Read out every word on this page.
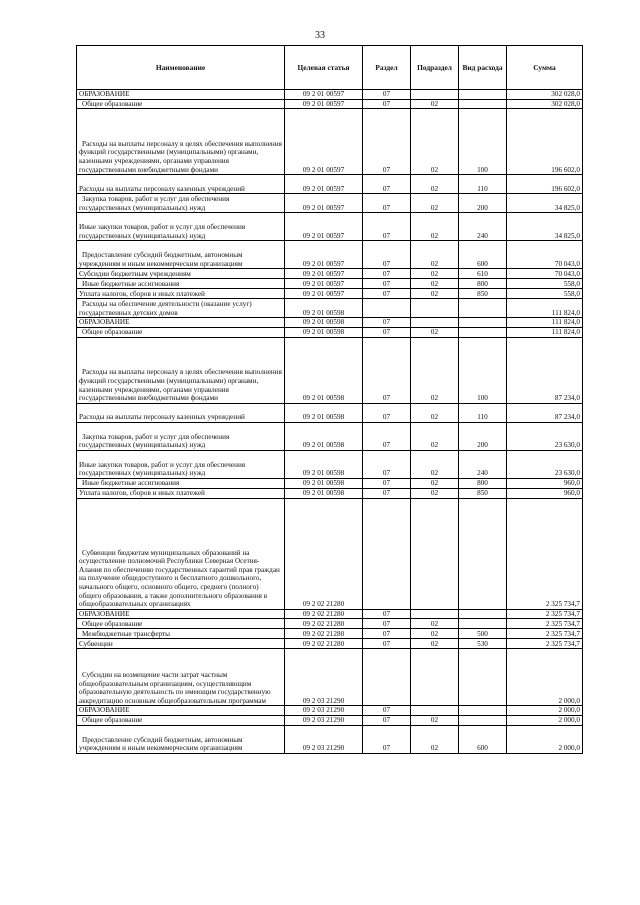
33
Наименование	Целевая статья	Раздел	Подраздел	Вид расхода	Сумма
ОБРАЗОВАНИЕ	09 2 01 00597	07			302 028,0
Общее образование	09 2 01 00597	07	02		302 028,0
Расходы на выплаты персоналу в целях обеспечения выполнения функций государственными (муниципальными) органами, казенными учреждениями, органами управления государственными внебюджетными фондами	09 2 01 00597	07	02	100	196 602,0
Расходы на выплаты персоналу казенных учреждений	09 2 01 00597	07	02	110	196 602,0
Закупка товаров, работ и услуг для обеспечения государственных (муниципальных) нужд	09 2 01 00597	07	02	200	34 825,0
Иные закупки товаров, работ и услуг для обеспечения государственных (муниципальных) нужд	09 2 01 00597	07	02	240	34 825,0
Предоставление субсидий бюджетным, автономным учреждениям и иным некоммерческим организациям	09 2 01 00597	07	02	600	70 043,0
Субсидии бюджетным учреждениям	09 2 01 00597	07	02	610	70 043,0
Иные бюджетные ассигнования	09 2 01 00597	07	02	800	558,0
Уплата налогов, сборов и иных платежей	09 2 01 00597	07	02	850	558,0
Расходы на обеспечение деятельности (оказание услуг) государственных детских домов	09 2 01 00598				111 824,0
ОБРАЗОВАНИЕ	09 2 01 00598	07			111 824,0
Общее образование	09 2 01 00598	07	02		111 824,0
Расходы на выплаты персоналу в целях обеспечения выполнения функций государственными (муниципальными) органами, казенными учреждениями, органами управления государственными внебюджетными фондами	09 2 01 00598	07	02	100	87 234,0
Расходы на выплаты персоналу казенных учреждений	09 2 01 00598	07	02	110	87 234,0
Закупка товаров, работ и услуг для обеспечения государственных (муниципальных) нужд	09 2 01 00598	07	02	200	23 630,0
Иные закупки товаров, работ и услуг для обеспечения государственных (муниципальных) нужд	09 2 01 00598	07	02	240	23 630,0
Иные бюджетные ассигнования	09 2 01 00598	07	02	800	960,0
Уплата налогов, сборов и иных платежей	09 2 01 00598	07	02	850	960,0
Субвенции бюджетам муниципальных образований на осуществление полномочий Республики Северная Осетия-Алания по обеспечению государственных гарантий прав граждан на получение общедоступного и бесплатного дошкольного, начального общего, основного общего, среднего (полного) общего образования, а также дополнительного образования в общеобразовательных организациях	09 2 02 21280				2 325 734,7
ОБРАЗОВАНИЕ	09 2 02 21280	07			2 325 734,7
Общее образование	09 2 02 21280	07	02		2 325 734,7
Межбюджетные трансферты	09 2 02 21280	07	02	500	2 325 734,7
Субвенции	09 2 02 21280	07	02	530	2 325 734,7
Субсидии на возмещение части затрат частным общеобразовательным организациям, осуществляющим образовательную деятельность по имеющим государственную аккредитацию основным общеобразовательным программам	09 2 03 21290				2 000,0
ОБРАЗОВАНИЕ	09 2 03 21290	07			2 000,0
Общее образование	09 2 03 21290	07	02		2 000,0
Предоставление субсидий бюджетным, автономным учреждениям и иным некоммерческим организациям	09 2 03 21290	07	02	600	2 000,0
